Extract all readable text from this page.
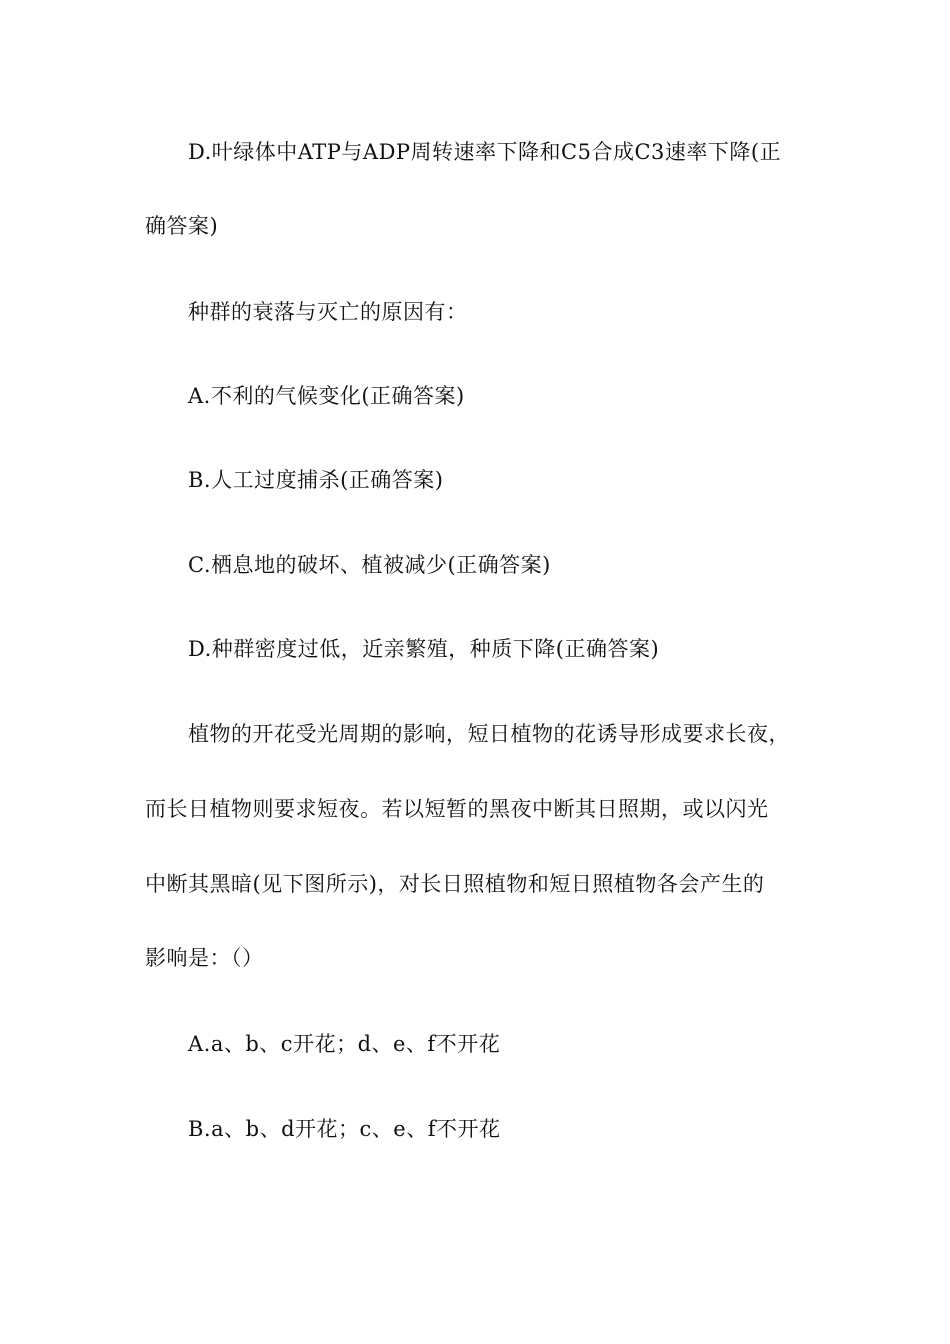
D.叶绿体中ATP与ADP周转速率下降和C5合成C3速率下降(正
确答案)
种群的衰落与灭亡的原因有：
A.不利的气候变化(正确答案)
B.人工过度捕杀(正确答案)
C.栖息地的破坏、植被减少(正确答案)
D.种群密度过低，近亲繁殖，种质下降(正确答案)
植物的开花受光周期的影响，短日植物的花诱导形成要求长夜，
而长日植物则要求短夜。若以短暂的黑夜中断其日照期，或以闪光
中断其黑暗(见下图所示)，对长日照植物和短日照植物各会产生的
影响是：（）
A.a、b、c开花；d、e、f不开花
B.a、b、d开花；c、e、f不开花
